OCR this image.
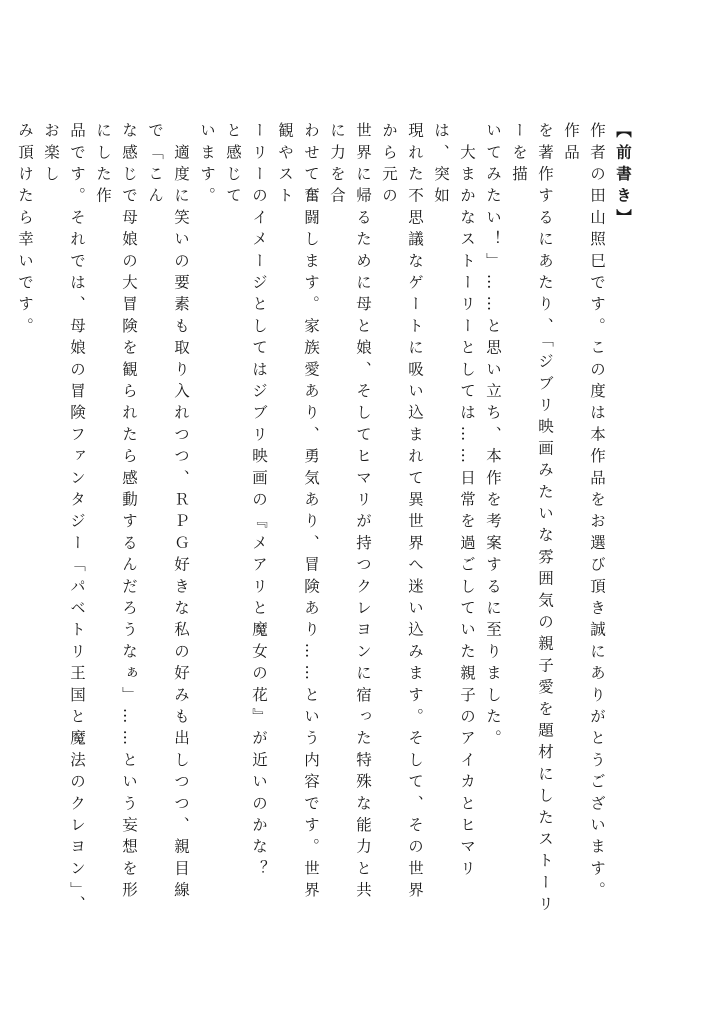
【前書き】
作者の田山照巳です。この度は本作品をお選び頂き誠にありがとうございます。作品
を著作するにあたり、「ジブリ映画みたいな雰囲気の親子愛を題材にしたストーリーを描
いてみたい！」……と思い立ち、本作を考案するに至りました。
　大まかなストーリーとしては……日常を過ごしていた親子のアイカとヒマリは、突如
現れた不思議なゲートに吸い込まれて異世界へ迷い込みます。そして、その世界から元の
世界に帰るために母と娘、そしてヒマリが持つクレヨンに宿った特殊な能力と共に力を合
わせて奮闘します。家族愛あり、勇気あり、冒険あり……という内容です。世界観やスト
ーリーのイメージとしてはジブリ映画の『メアリと魔女の花』が近いのかな？　と感じて
います。
　適度に笑いの要素も取り入れつつ、ＲＰＧ好きな私の好みも出しつつ、親目線で「こん
な感じで母娘の大冒険を観られたら感動するんだろうなぁ」……という妄想を形にした作
品です。それでは、母娘の冒険ファンタジー「パベトリ王国と魔法のクレヨン」、お楽し
み頂けたら幸いです。
